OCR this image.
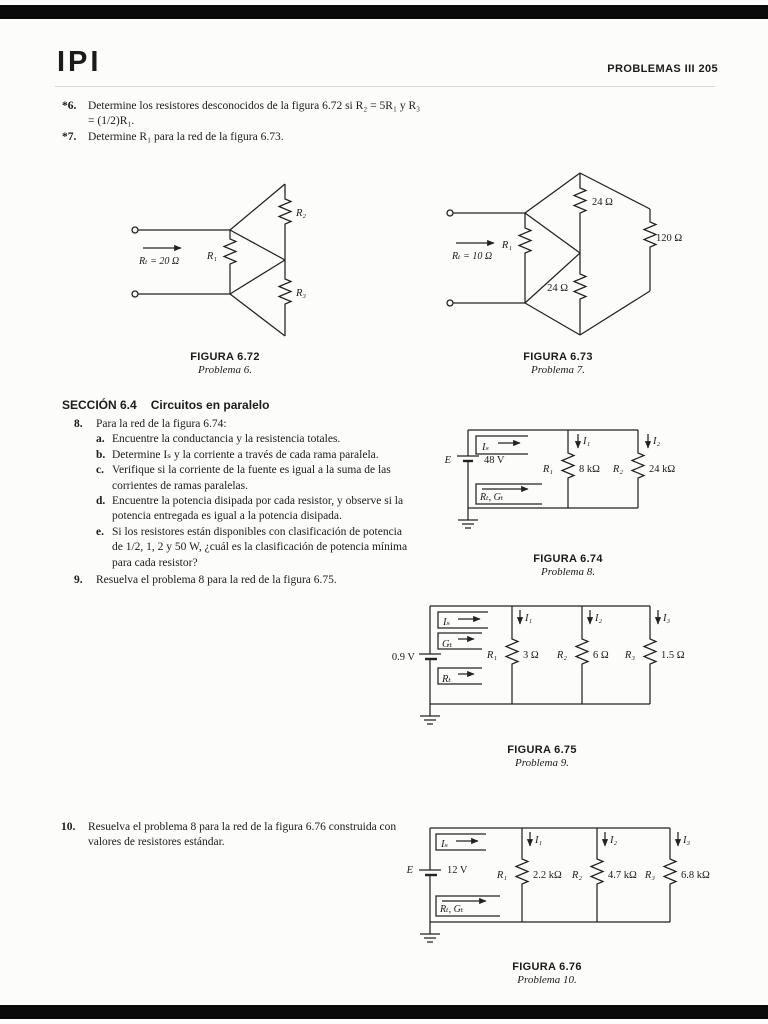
IPI	PROBLEMAS III 205
*6. Determine los resistores desconocidos de la figura 6.72 si R₂ = 5R₁ y R₃ = (1/2)R₁.
*7. Determine R₁ para la red de la figura 6.73.
Rₜ = 20 Ω	R₁
R₂
R₃
FIGURA 6.72
Problema 6.
Rₜ = 10 Ω
R₁
24 Ω
120 Ω
24 Ω
FIGURA 6.73
Problema 7.
SECCIÓN 6.4 Circuitos en paralelo
8. Para la red de la figura 6.74:
a. Encuentre la conductancia y la resistencia totales.
b. Determine Iₛ y la corriente a través de cada rama paralela.
c. Verifique si la corriente de la fuente es igual a la suma de las corrientes de ramas paralelas.
d. Encuentre la potencia disipada por cada resistor, y observe si la potencia entregada es igual a la potencia disipada.
e. Si los resistores están disponibles con clasificación de potencia de 1/2, 1, 2 y 50 W, ¿cuál es la clasificación de potencia mínima para cada resistor?
9. Resuelva el problema 8 para la red de la figura 6.75.
Iₛ
Rₜ, Gₜ
I₁	I₂
E	48 V
R₁ 8 kΩ R₂ 24 kΩ
FIGURA 6.74
Problema 8.
Iₛ
Gₜ
Rₜ
0.9 V
I₁	I₂	I₃
R₁ 3 Ω R₂ 6 Ω R₃ 1.5 Ω
FIGURA 6.75
Problema 9.
10. Resuelva el problema 8 para la red de la figura 6.76 construida con valores de resistores estándar.	Iₛ
Rₜ, Gₜ
E	12 V
I₁	I₂	I₃
R₁ 2.2 kΩ R₂ 4.7 kΩ R₃ 6.8 kΩ
FIGURA 6.76
Problema 10.
